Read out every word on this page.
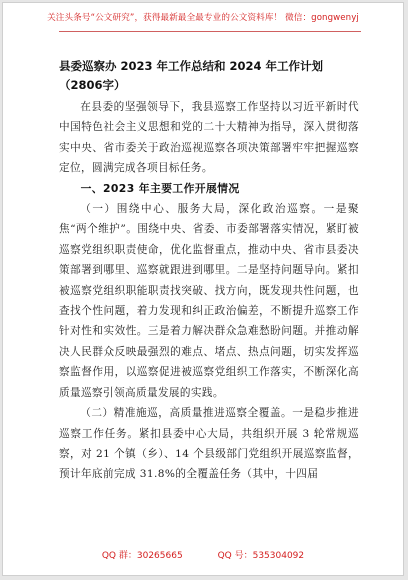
关注头条号“公文研究”，获得最新最全最专业的公文资料库！ 微信：gongwenyj
县委巡察办 2023 年工作总结和 2024 年工作计划（2806字）

在县委的坚强领导下，我县巡察工作坚持以习近平新时代中国特色社会主义思想和党的二十大精神为指导，深入贯彻落实中央、省市委关于政治巡视巡察各项决策部署牢牢把握巡察定位，圆满完成各项目标任务。

一、2023 年主要工作开展情况

（一）围绕中心、服务大局，深化政治巡察。一是聚焦“两个维护”。围绕中央、省委、市委部署落实情况，紧盯被巡察党组织职责使命，优化监督重点，推动中央、省市县委决策部署到哪里、巡察就跟进到哪里。二是坚持问题导向。紧扣被巡察党组织职能职责找突破、找方向，既发现共性问题，也查找个性问题，着力发现和纠正政治偏差，不断提升巡察工作针对性和实效性。三是着力解决群众急难愁盼问题。并推动解决人民群众反映最强烈的难点、堵点、热点问题，切实发挥巡察监督作用，以巡察促进被巡察党组织工作落实，不断深化高质量巡察引领高质量发展的实践。

（二）精准施巡，高质量推进巡察全覆盖。一是稳步推进巡察工作任务。紧扣县委中心大局，共组织开展 3 轮常规巡察，对 21 个镇（乡）、14 个县级部门党组织开展巡察监督，预计年底前完成 31.8%的全覆盖任务（其中，十四届

QQ 群：30265665	QQ 号：535304092
